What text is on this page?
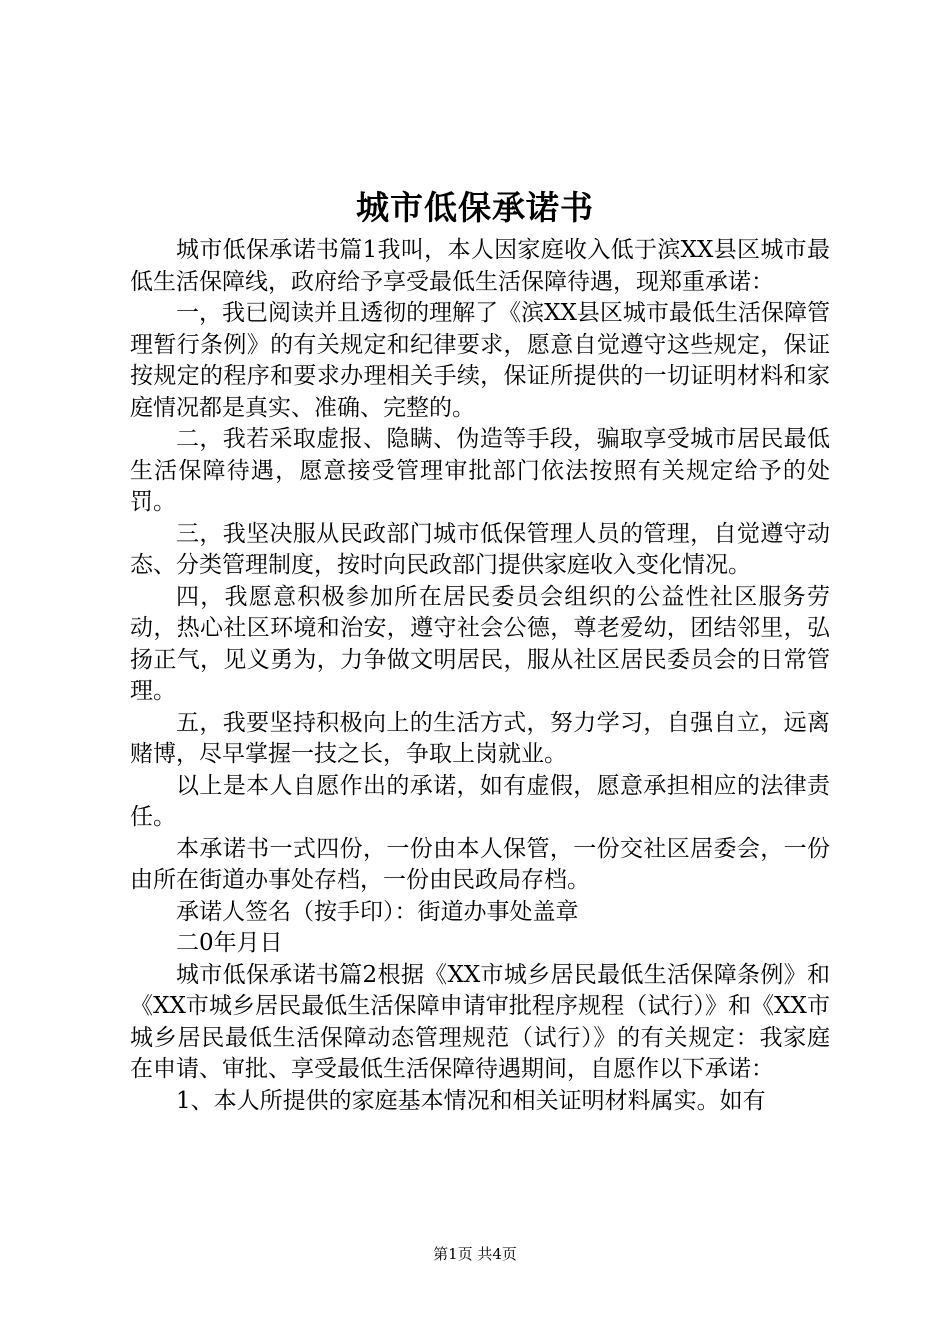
城市低保承诺书

城市低保承诺书篇1我叫，本人因家庭收入低于滨XX县区城市最低生活保障线，政府给予享受最低生活保障待遇，现郑重承诺：

一，我已阅读并且透彻的理解了《滨XX县区城市最低生活保障管理暂行条例》的有关规定和纪律要求，愿意自觉遵守这些规定，保证按规定的程序和要求办理相关手续，保证所提供的一切证明材料和家庭情况都是真实、准确、完整的。

二，我若采取虚报、隐瞒、伪造等手段，骗取享受城市居民最低生活保障待遇，愿意接受管理审批部门依法按照有关规定给予的处罚。

三，我坚决服从民政部门城市低保管理人员的管理，自觉遵守动态、分类管理制度，按时向民政部门提供家庭收入变化情况。

四，我愿意积极参加所在居民委员会组织的公益性社区服务劳动，热心社区环境和治安，遵守社会公德，尊老爱幼，团结邻里，弘扬正气，见义勇为，力争做文明居民，服从社区居民委员会的日常管理。

五，我要坚持积极向上的生活方式，努力学习，自强自立，远离赌博，尽早掌握一技之长，争取上岗就业。

以上是本人自愿作出的承诺，如有虚假，愿意承担相应的法律责任。

本承诺书一式四份，一份由本人保管，一份交社区居委会，一份由所在街道办事处存档，一份由民政局存档。

承诺人签名（按手印）：街道办事处盖章

二0年月日

城市低保承诺书篇2根据《XX市城乡居民最低生活保障条例》和《XX市城乡居民最低生活保障申请审批程序规程（试行）》和《XX市城乡居民最低生活保障动态管理规范（试行）》的有关规定：我家庭在申请、审批、享受最低生活保障待遇期间，自愿作以下承诺：

1、本人所提供的家庭基本情况和相关证明材料属实。如有

第1页 共4页
